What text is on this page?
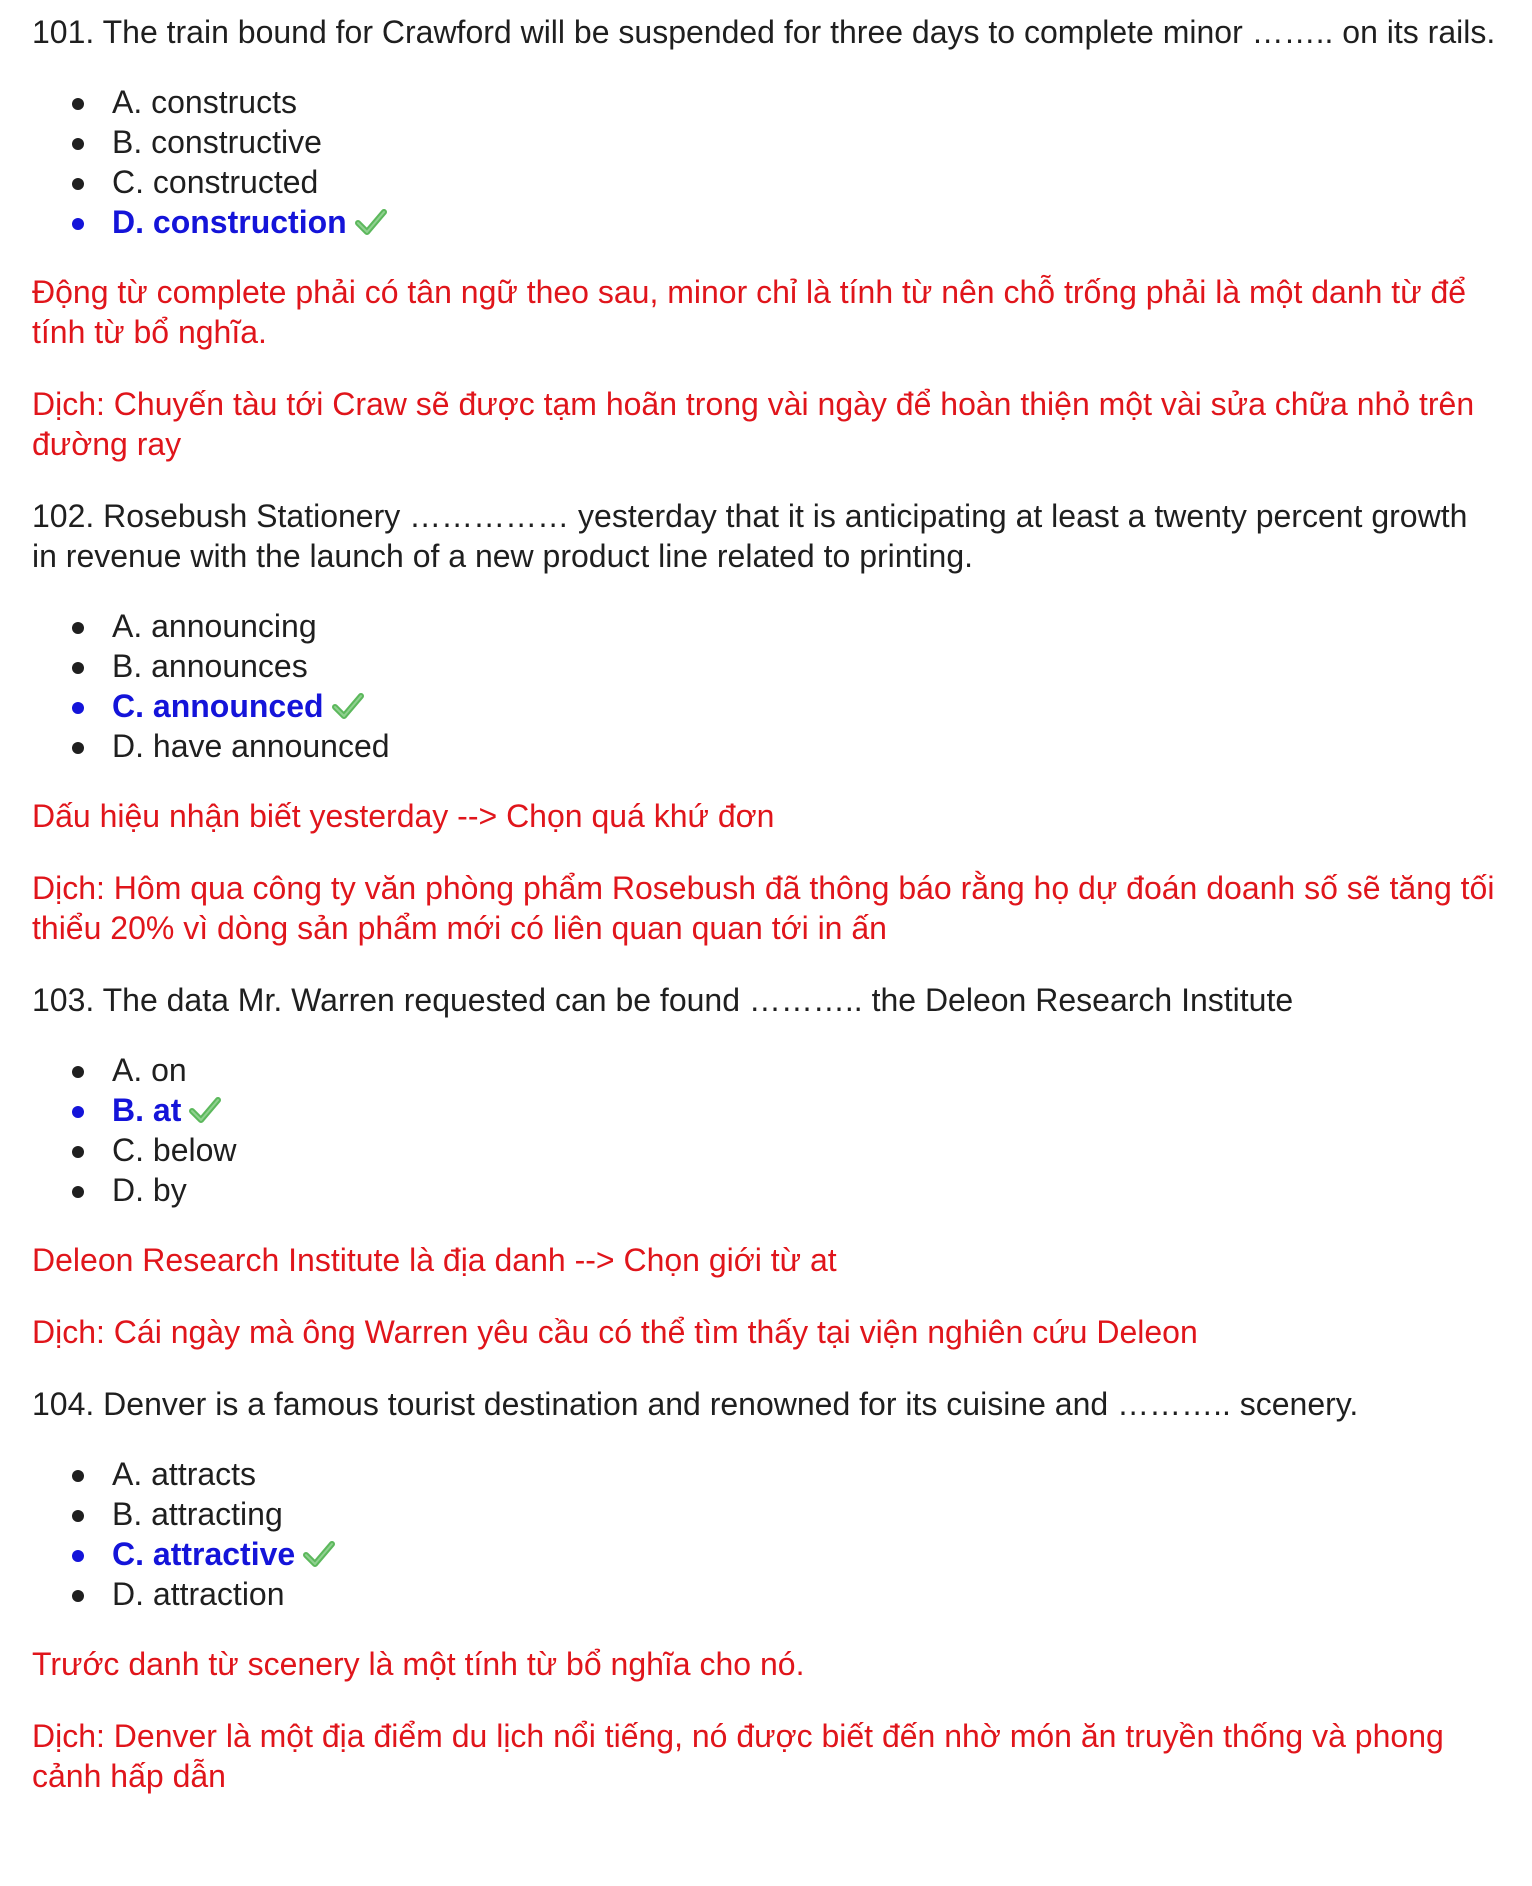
101. The train bound for Crawford will be suspended for three days to complete minor …….. on its rails.

A. constructs
B. constructive
C. constructed
D. construction

Động từ complete phải có tân ngữ theo sau, minor chỉ là tính từ nên chỗ trống phải là một danh từ để tính từ bổ nghĩa.

Dịch: Chuyến tàu tới Craw sẽ được tạm hoãn trong vài ngày để hoàn thiện một vài sửa chữa nhỏ trên đường ray

102. Rosebush Stationery …………… yesterday that it is anticipating at least a twenty percent growth in revenue with the launch of a new product line related to printing.

A. announcing
B. announces
C. announced
D. have announced

Dấu hiệu nhận biết yesterday --> Chọn quá khứ đơn

Dịch: Hôm qua công ty văn phòng phẩm Rosebush đã thông báo rằng họ dự đoán doanh số sẽ tăng tối thiểu 20% vì dòng sản phẩm mới có liên quan quan tới in ấn

103. The data Mr. Warren requested can be found ……….. the Deleon Research Institute

A. on
B. at
C. below
D. by

Deleon Research Institute là địa danh --> Chọn giới từ at

Dịch: Cái ngày mà ông Warren yêu cầu có thể tìm thấy tại viện nghiên cứu Deleon

104. Denver is a famous tourist destination and renowned for its cuisine and ……….. scenery.

A. attracts
B. attracting
C. attractive
D. attraction

Trước danh từ scenery là một tính từ bổ nghĩa cho nó.

Dịch: Denver là một địa điểm du lịch nổi tiếng, nó được biết đến nhờ món ăn truyền thống và phong cảnh hấp dẫn
